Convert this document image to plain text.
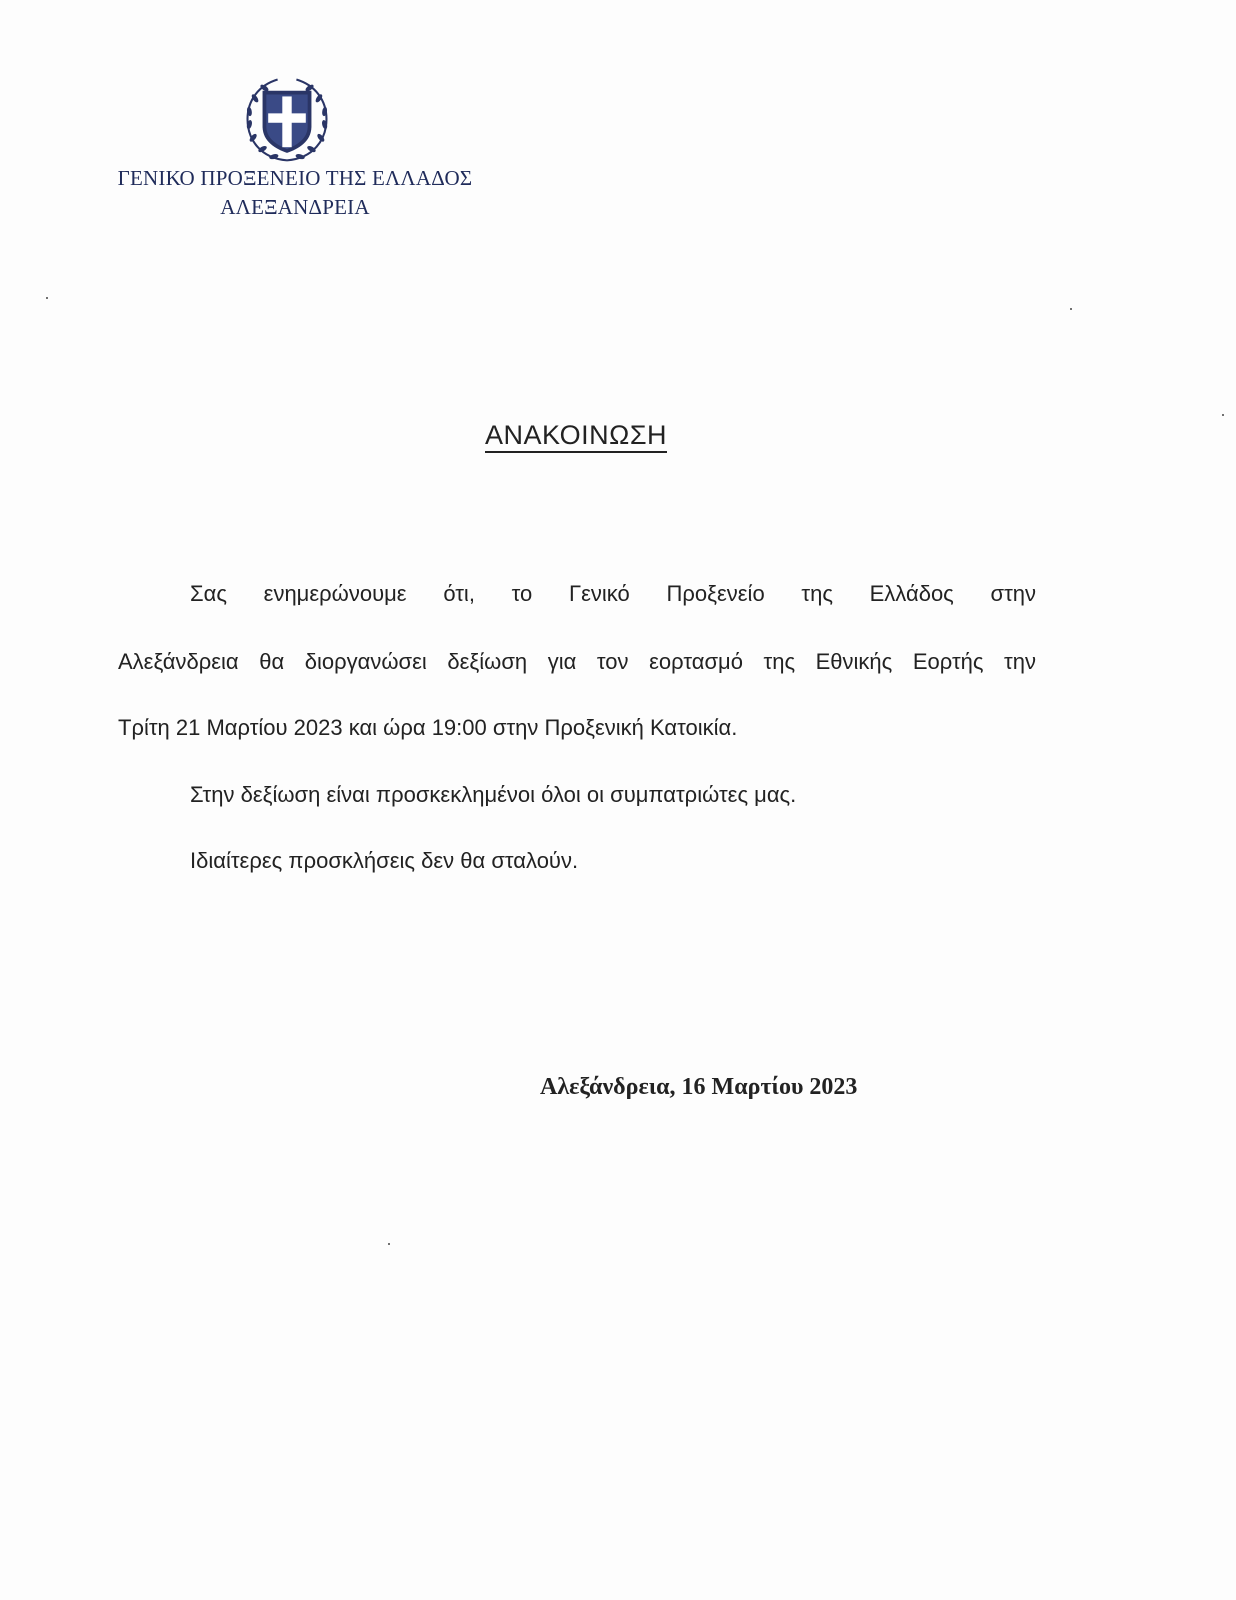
ΓΕΝΙΚΟ ΠΡΟΞΕΝΕΙΟ ΤΗΣ ΕΛΛΑΔΟΣ
ΑΛΕΞΑΝΔΡΕΙΑ
ΑΝΑΚΟΙΝΩΣΗ
Σας ενημερώνουμε ότι, το Γενικό Προξενείο της Ελλάδος στην
Αλεξάνδρεια θα διοργανώσει δεξίωση για τον εορτασμό της Εθνικής Εορτής την
Τρίτη 21 Μαρτίου 2023 και ώρα 19:00 στην Προξενική Κατοικία.
Στην δεξίωση είναι προσκεκλημένοι όλοι οι συμπατριώτες μας.
Ιδιαίτερες προσκλήσεις δεν θα σταλούν.
Αλεξάνδρεια, 16 Μαρτίου 2023
